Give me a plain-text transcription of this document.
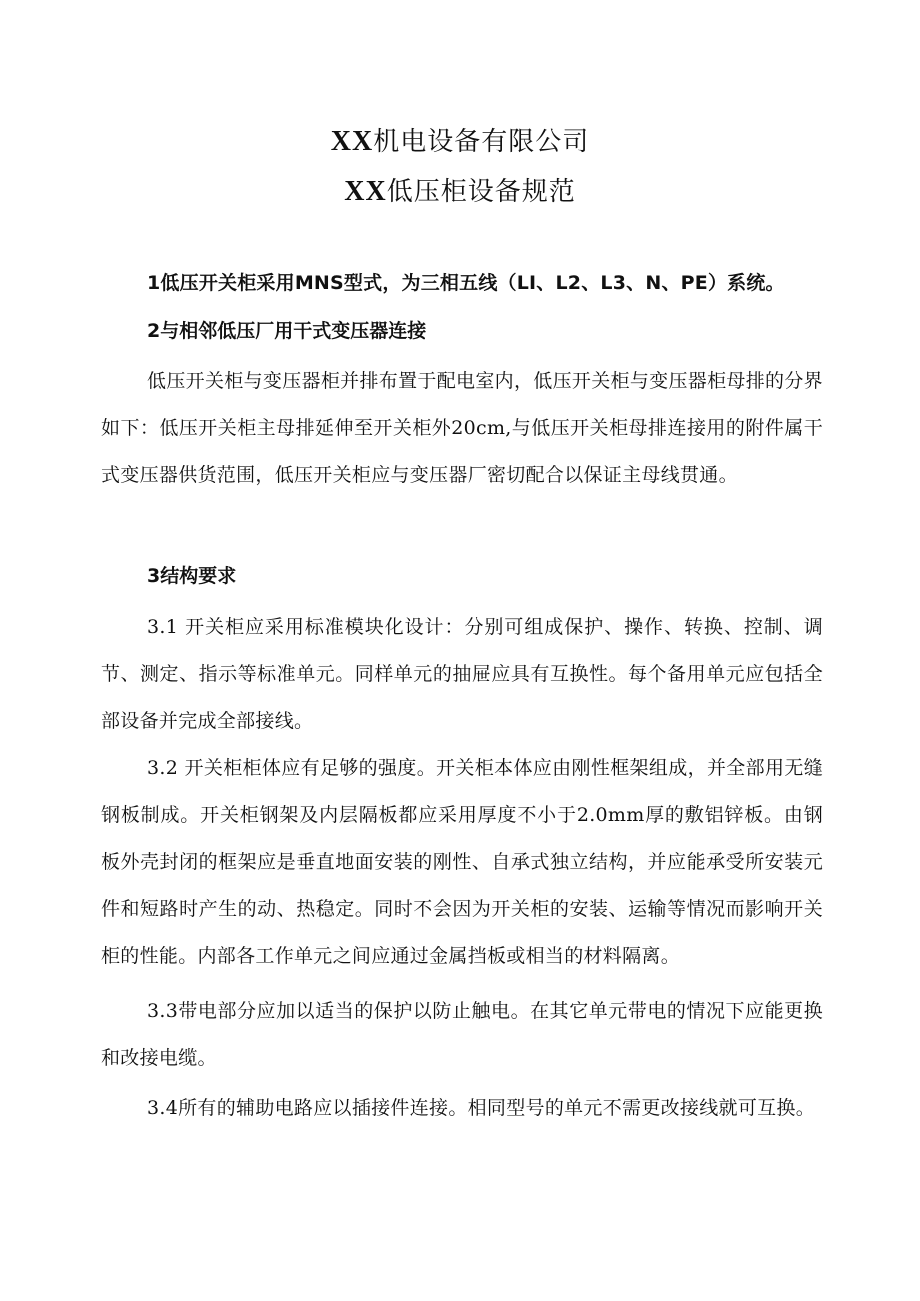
XX机电设备有限公司
XX低压柜设备规范

1低压开关柜采用MNS型式，为三相五线（LI、L2、L3、N、PE）系统。

2与相邻低压厂用干式变压器连接

低压开关柜与变压器柜并排布置于配电室内，低压开关柜与变压器柜母排的分界如下：低压开关柜主母排延伸至开关柜外20cm,与低压开关柜母排连接用的附件属干式变压器供货范围，低压开关柜应与变压器厂密切配合以保证主母线贯通。

3结构要求

3.1 开关柜应采用标准模块化设计：分别可组成保护、操作、转换、控制、调节、测定、指示等标准单元。同样单元的抽屉应具有互换性。每个备用单元应包括全部设备并完成全部接线。

3.2 开关柜柜体应有足够的强度。开关柜本体应由刚性框架组成，并全部用无缝钢板制成。开关柜钢架及内层隔板都应采用厚度不小于2.0mm厚的敷铝锌板。由钢板外壳封闭的框架应是垂直地面安装的刚性、自承式独立结构，并应能承受所安装元件和短路时产生的动、热稳定。同时不会因为开关柜的安装、运输等情况而影响开关柜的性能。内部各工作单元之间应通过金属挡板或相当的材料隔离。

3.3带电部分应加以适当的保护以防止触电。在其它单元带电的情况下应能更换和改接电缆。

3.4所有的辅助电路应以插接件连接。相同型号的单元不需更改接线就可互换。
